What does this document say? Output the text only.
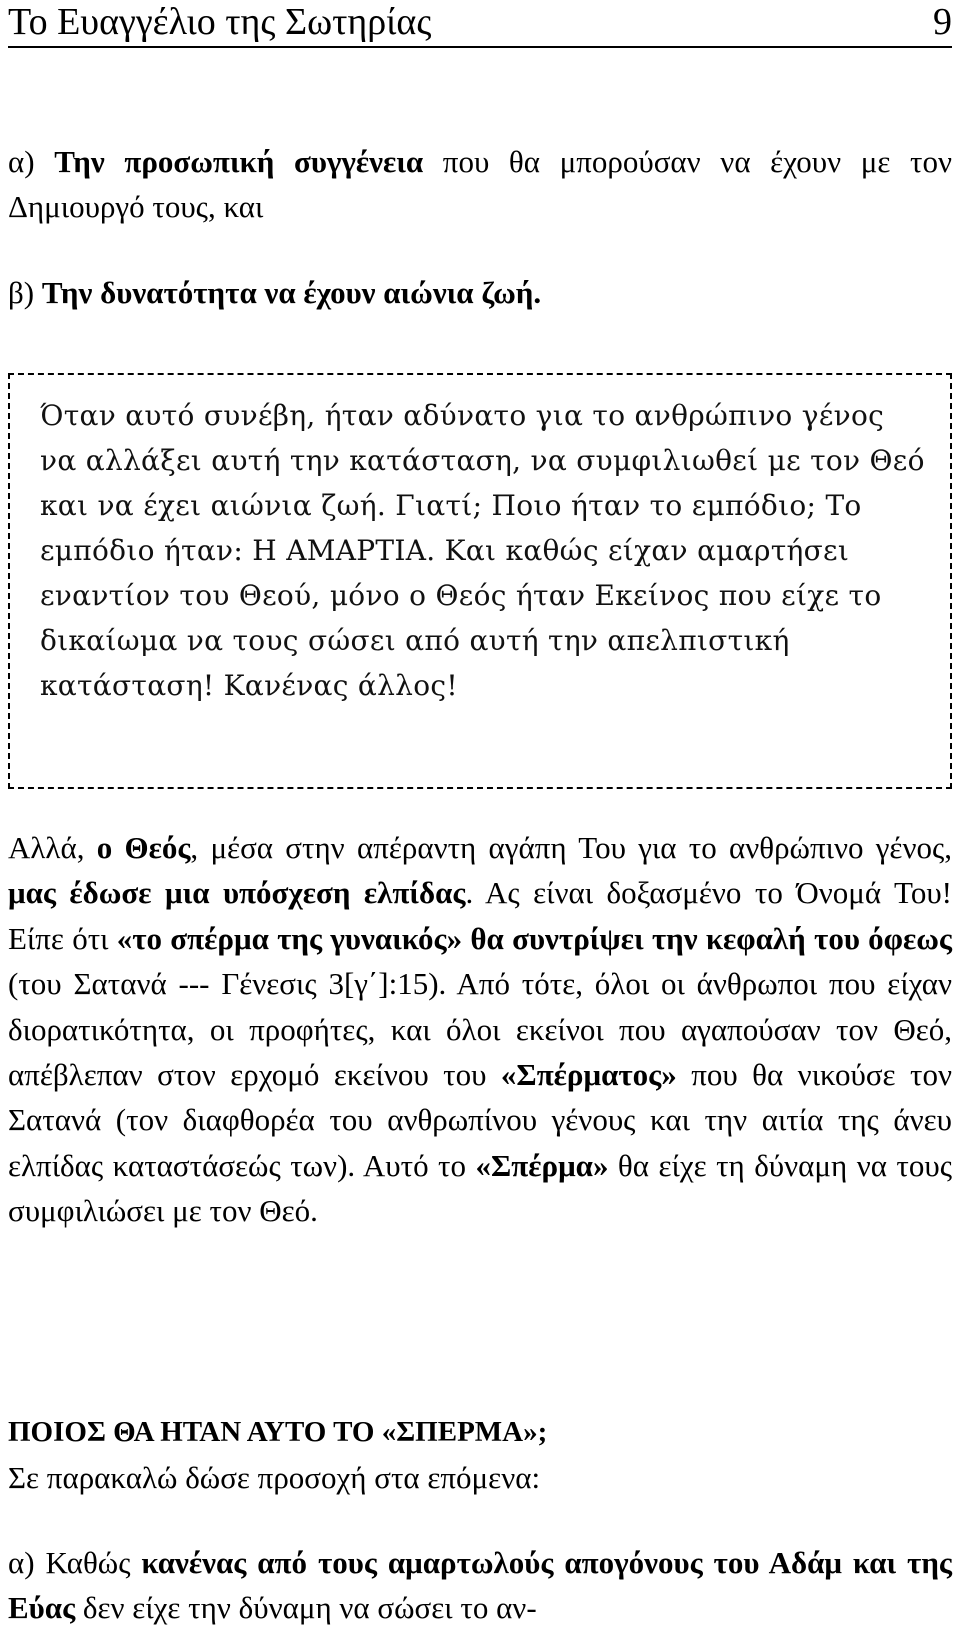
Το Ευαγγέλιο της Σωτηρίας	9
α) Την προσωπική συγγένεια που θα μπορούσαν να έχουν με τον Δημιουργό τους, και
β) Την δυνατότητα να έχουν αιώνια ζωή.
Όταν αυτό συνέβη, ήταν αδύνατο για το ανθρώπινο γένος να αλλάξει αυτή την κατάσταση, να συμφιλιωθεί με τον Θεό και να έχει αιώνια ζωή. Γιατί; Ποιο ήταν το εμπόδιο; Το εμπόδιο ήταν: Η ΑΜΑΡΤΙΑ. Και καθώς είχαν αμαρτήσει εναντίον του Θεού, μόνο ο Θεός ήταν Εκείνος που είχε το δικαίωμα να τους σώσει από αυτή την απελπιστική κατάσταση! Κανένας άλλος!
Αλλά, ο Θεός, μέσα στην απέραντη αγάπη Του για το ανθρώπινο γένος, μας έδωσε μια υπόσχεση ελπίδας. Ας είναι δοξασμένο το Όνομά Του! Είπε ότι «το σπέρμα της γυναικός» θα συντρίψει την κεφαλή του όφεως (του Σατανά --- Γένεσις 3[γ΄]:15). Από τότε, όλοι οι άνθρωποι που είχαν διορατικότητα, οι προφήτες, και όλοι εκείνοι που αγαπούσαν τον Θεό, απέβλεπαν στον ερχομό εκείνου του «Σπέρματος» που θα νικούσε τον Σατανά (τον διαφθορέα του ανθρωπίνου γένους και την αιτία της άνευ ελπίδας καταστάσεώς των). Αυτό το «Σπέρμα» θα είχε τη δύναμη να τους συμφιλιώσει με τον Θεό.
ΠΟΙΟΣ ΘΑ ΗΤΑΝ ΑΥΤΟ ΤΟ «ΣΠΕΡΜΑ»;
Σε παρακαλώ δώσε προσοχή στα επόμενα:
α) Καθώς κανένας από τους αμαρτωλούς απογόνους του Αδάμ και της Εύας δεν είχε την δύναμη να σώσει το αν-
